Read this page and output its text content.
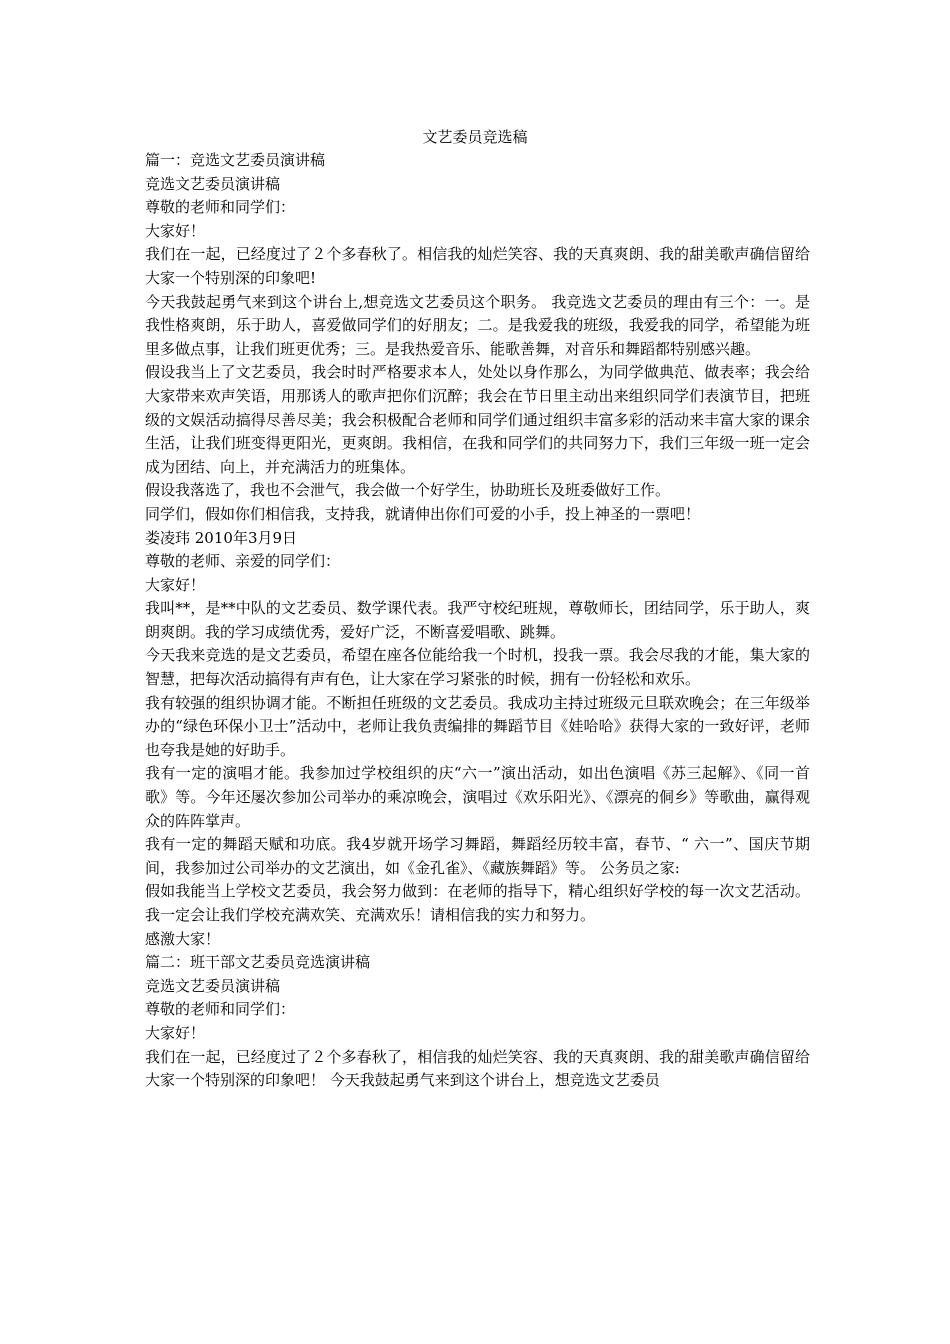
文艺委员竞选稿

篇一：竞选文艺委员演讲稿

竞选文艺委员演讲稿

尊敬的老师和同学们：

大家好！

我们在一起，已经度过了２个多春秋了。相信我的灿烂笑容、我的天真爽朗、我的甜美歌声确信留给大家一个特别深的印象吧!

今天我鼓起勇气来到这个讲台上,想竞选文艺委员这个职务。 我竞选文艺委员的理由有三个：一。是我性格爽朗，乐于助人，喜爱做同学们的好朋友；二。是我爱我的班级，我爱我的同学，希望能为班里多做点事，让我们班更优秀；三。是我热爱音乐、能歌善舞，对音乐和舞蹈都特别感兴趣。

假设我当上了文艺委员，我会时时严格要求本人，处处以身作那么，为同学做典范、做表率；我会给大家带来欢声笑语，用那诱人的歌声把你们沉醉；我会在节日里主动出来组织同学们表演节目，把班级的文娱活动搞得尽善尽美；我会积极配合老师和同学们通过组织丰富多彩的活动来丰富大家的课余生活，让我们班变得更阳光，更爽朗。我相信，在我和同学们的共同努力下，我们三年级一班一定会成为团结、向上，并充满活力的班集体。

假设我落选了，我也不会泄气，我会做一个好学生，协助班长及班委做好工作。

同学们，假如你们相信我，支持我，就请伸出你们可爱的小手，投上神圣的一票吧！

娄凌玮 2010年3月9日

尊敬的老师、亲爱的同学们：

大家好！

我叫**，是**中队的文艺委员、数学课代表。我严守校纪班规，尊敬师长，团结同学，乐于助人，爽朗爽朗。我的学习成绩优秀，爱好广泛，不断喜爱唱歌、跳舞。

今天我来竞选的是文艺委员，希望在座各位能给我一个时机，投我一票。我会尽我的才能，集大家的智慧，把每次活动搞得有声有色，让大家在学习紧张的时候，拥有一份轻松和欢乐。

我有较强的组织协调才能。不断担任班级的文艺委员。我成功主持过班级元旦联欢晚会；在三年级举办的“绿色环保小卫士”活动中，老师让我负责编排的舞蹈节目《娃哈哈》获得大家的一致好评，老师也夸我是她的好助手。

我有一定的演唱才能。我参加过学校组织的庆“六一”演出活动，如出色演唱《苏三起解》、《同一首歌》等。今年还屡次参加公司举办的乘凉晚会，演唱过《欢乐阳光》、《漂亮的侗乡》等歌曲，赢得观众的阵阵掌声。

我有一定的舞蹈天赋和功底。我4岁就开场学习舞蹈，舞蹈经历较丰富，春节、“ 六一”、国庆节期间，我参加过公司举办的文艺演出，如《金孔雀》、《藏族舞蹈》等。 公务员之家:

假如我能当上学校文艺委员，我会努力做到：在老师的指导下，精心组织好学校的每一次文艺活动。我一定会让我们学校充满欢笑、充满欢乐！请相信我的实力和努力。

感激大家！

篇二：班干部文艺委员竞选演讲稿

竞选文艺委员演讲稿

尊敬的老师和同学们：

大家好！

我们在一起，已经度过了２个多春秋了，相信我的灿烂笑容、我的天真爽朗、我的甜美歌声确信留给大家一个特别深的印象吧！ 今天我鼓起勇气来到这个讲台上，想竞选文艺委员
